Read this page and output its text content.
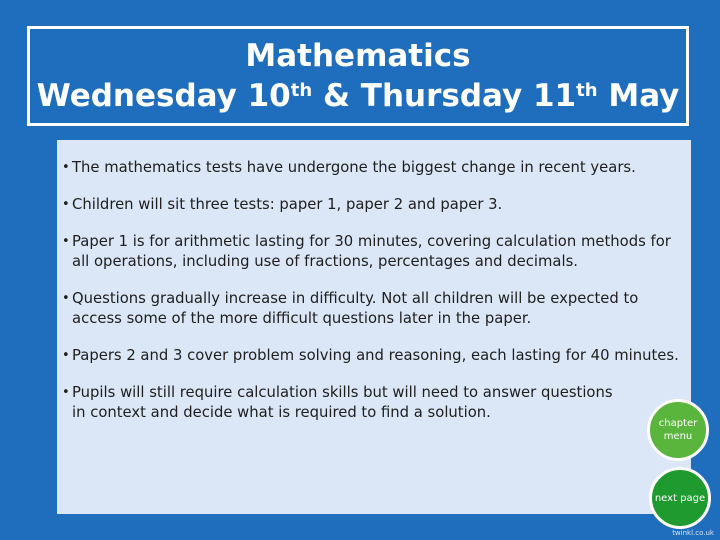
Mathematics
Wednesday 10th & Thursday 11th May
• The mathematics tests have undergone the biggest change in recent years.
• Children will sit three tests: paper 1, paper 2 and paper 3.
• Paper 1 is for arithmetic lasting for 30 minutes, covering calculation methods for all operations, including use of fractions, percentages and decimals.
• Questions gradually increase in difficulty. Not all children will be expected to access some of the more difficult questions later in the paper.
• Papers 2 and 3 cover problem solving and reasoning, each lasting for 40 minutes.
• Pupils will still require calculation skills but will need to answer questions in context and decide what is required to find a solution.
chapter menu
next page
twinkl.co.uk
